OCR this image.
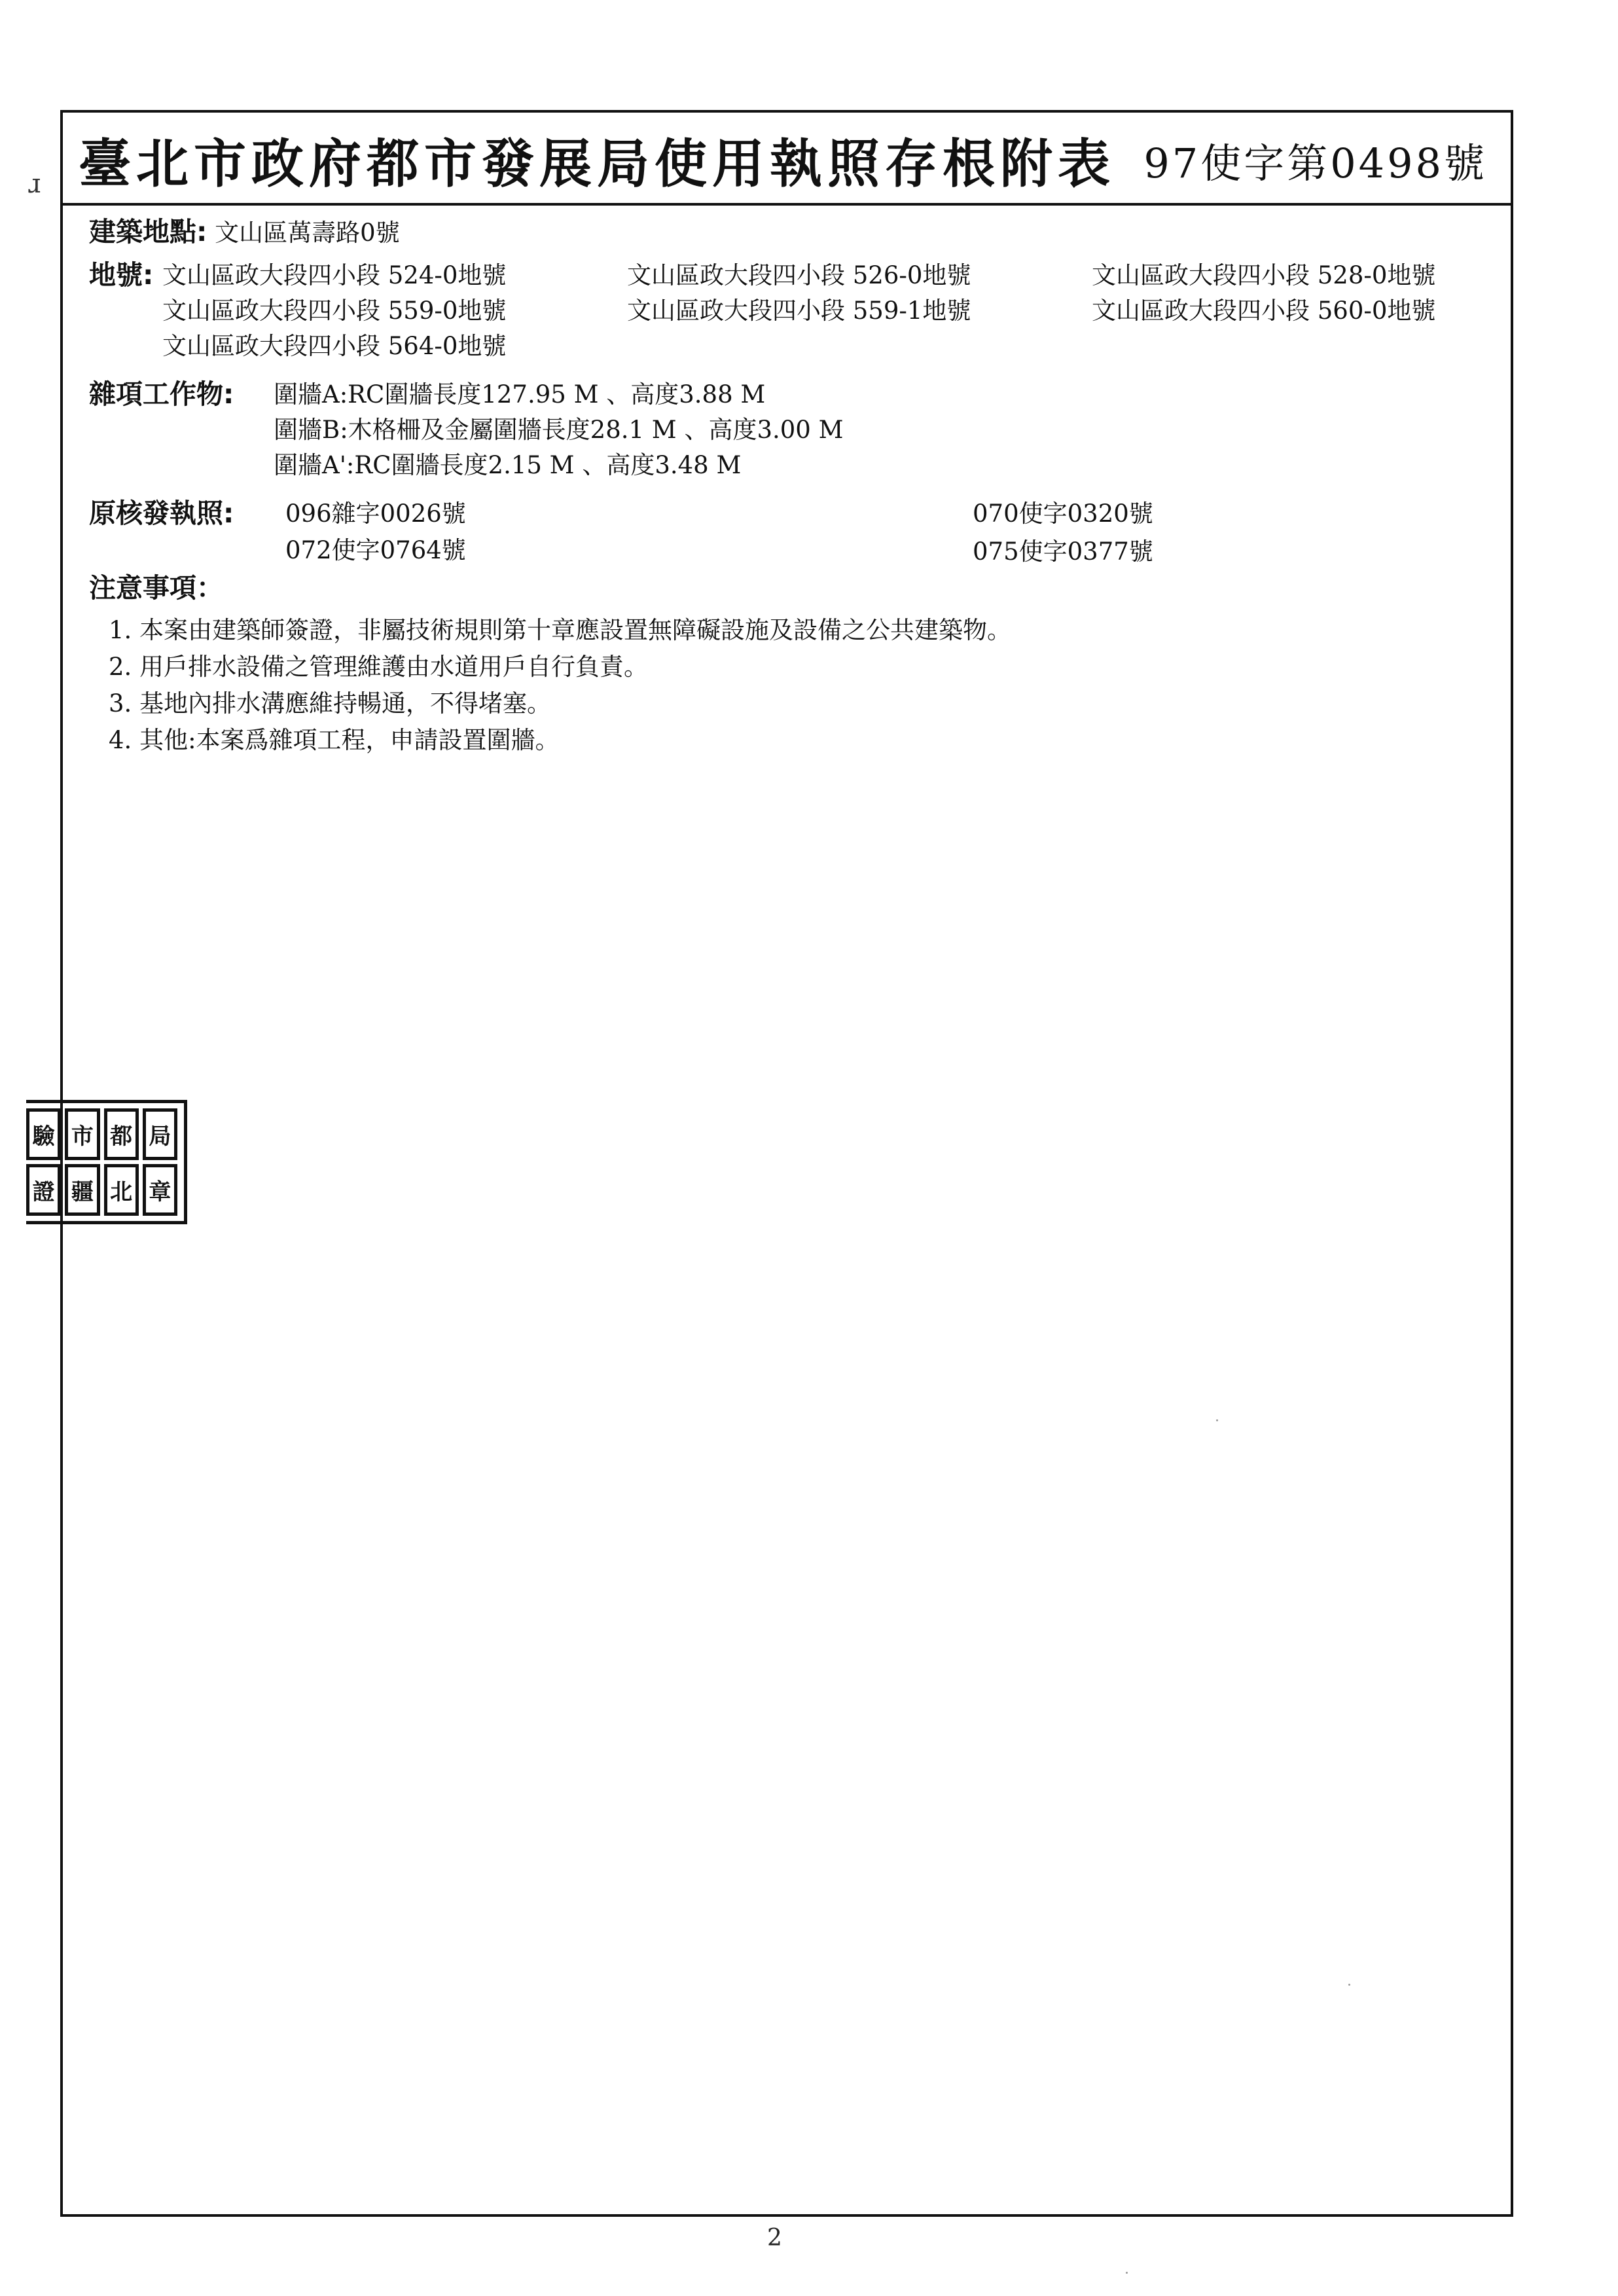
ɹ 臺北市政府都市發展局使用執照存根附表 97使字第0498號
建築地點: 文山區萬壽路0號
地號: 文山區政大段四小段 524-0地號	文山區政大段四小段 526-0地號	文山區政大段四小段 528-0地號
文山區政大段四小段 559-0地號	文山區政大段四小段 559-1地號	文山區政大段四小段 560-0地號
文山區政大段四小段 564-0地號
雜項工作物: 圍牆A:RC圍牆長度127.95 M 、高度3.88 M
圍牆B:木格柵及金屬圍牆長度28.1 M 、高度3.00 M
圍牆A':RC圍牆長度2.15 M 、高度3.48 M
原核發執照: 096雜字0026號	070使字0320號
072使字0764號	075使字0377號
注意事項：
1. 本案由建築師簽證，非屬技術規則第十章應設置無障礙設施及設備之公共建築物。
2. 用戶排水設備之管理維護由水道用戶自行負責。
3. 基地內排水溝應維持暢通，不得堵塞。
4. 其他:本案爲雜項工程，申請設置圍牆。
驗 市 都 局
證 疆 北 章
2
